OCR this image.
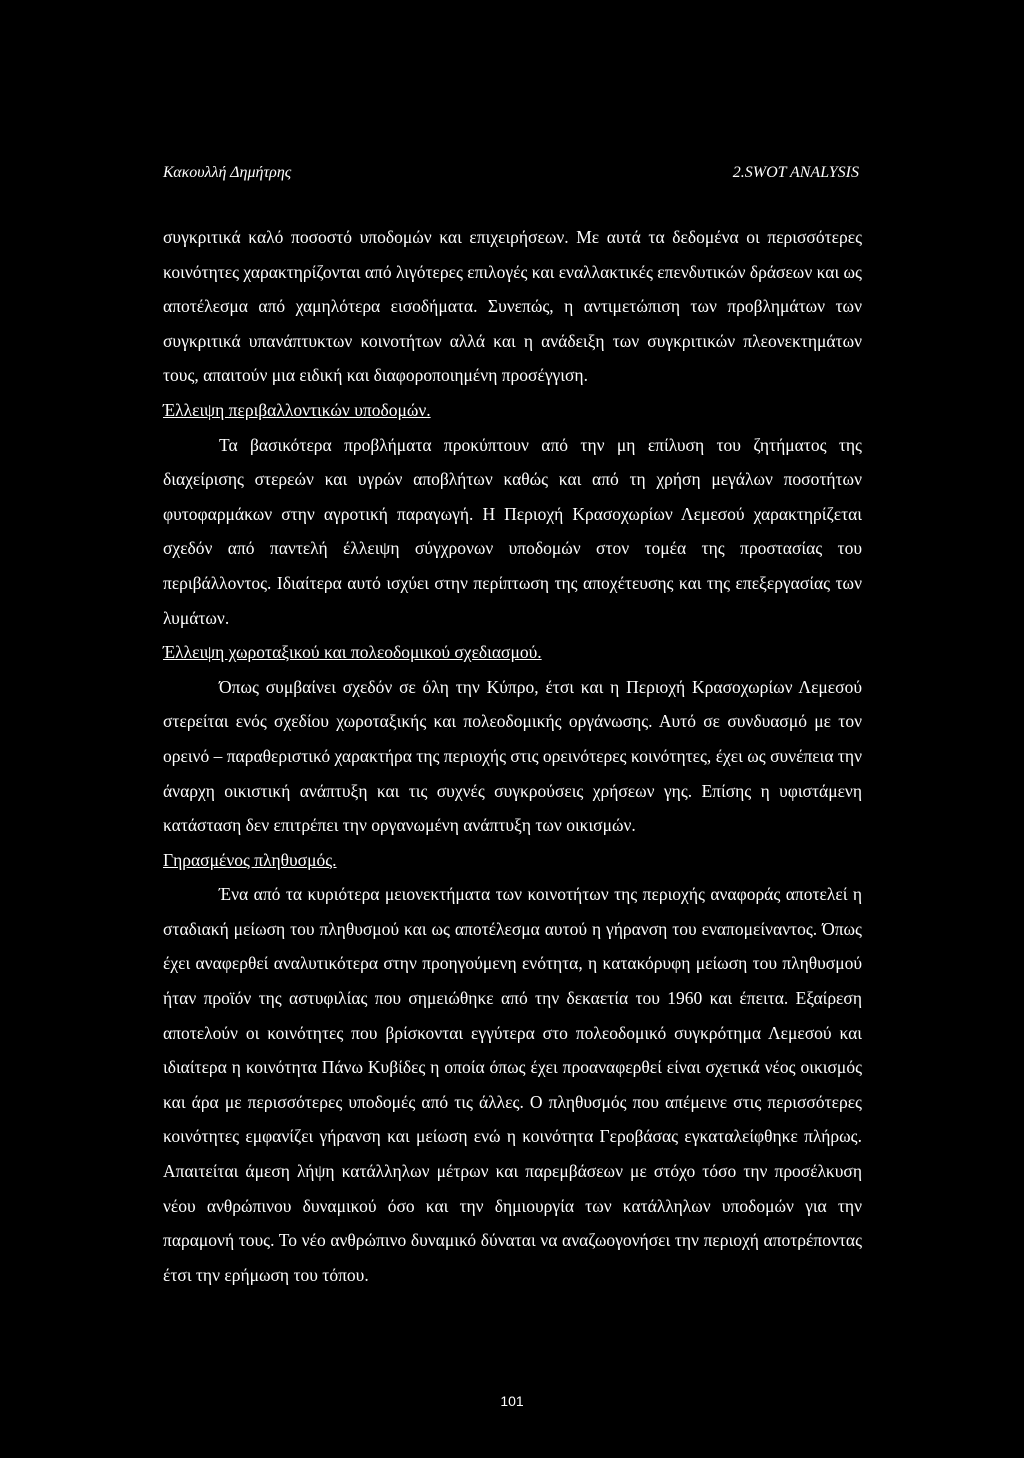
Κακουλλή Δημήτρης	2.SWOT ANALYSIS

συγκριτικά καλό ποσοστό υποδομών και επιχειρήσεων. Με αυτά τα δεδομένα οι περισσότερες κοινότητες χαρακτηρίζονται από λιγότερες επιλογές και εναλλακτικές επενδυτικών δράσεων και ως αποτέλεσμα από χαμηλότερα εισοδήματα. Συνεπώς, η αντιμετώπιση των προβλημάτων των συγκριτικά υπανάπτυκτων κοινοτήτων αλλά και η ανάδειξη των συγκριτικών πλεονεκτημάτων τους, απαιτούν μια ειδική και διαφοροποιημένη προσέγγιση.

Έλλειψη περιβαλλοντικών υποδομών.

Τα βασικότερα προβλήματα προκύπτουν από την μη επίλυση του ζητήματος της διαχείρισης στερεών και υγρών αποβλήτων καθώς και από τη χρήση μεγάλων ποσοτήτων φυτοφαρμάκων στην αγροτική παραγωγή. Η Περιοχή Κρασοχωρίων Λεμεσού χαρακτηρίζεται σχεδόν από παντελή έλλειψη σύγχρονων υποδομών στον τομέα της προστασίας του περιβάλλοντος. Ιδιαίτερα αυτό ισχύει στην περίπτωση της αποχέτευσης και της επεξεργασίας των λυμάτων.

Έλλειψη χωροταξικού και πολεοδομικού σχεδιασμού.

Όπως συμβαίνει σχεδόν σε όλη την Κύπρο, έτσι και η Περιοχή Κρασοχωρίων Λεμεσού στερείται ενός σχεδίου χωροταξικής και πολεοδομικής οργάνωσης. Αυτό σε συνδυασμό με τον ορεινό – παραθεριστικό χαρακτήρα της περιοχής στις ορεινότερες κοινότητες, έχει ως συνέπεια την άναρχη οικιστική ανάπτυξη και τις συχνές συγκρούσεις χρήσεων γης. Επίσης η υφιστάμενη κατάσταση δεν επιτρέπει την οργανωμένη ανάπτυξη των οικισμών.

Γηρασμένος πληθυσμός.

Ένα από τα κυριότερα μειονεκτήματα των κοινοτήτων της περιοχής αναφοράς αποτελεί η σταδιακή μείωση του πληθυσμού και ως αποτέλεσμα αυτού η γήρανση του εναπομείναντος. Όπως έχει αναφερθεί αναλυτικότερα στην προηγούμενη ενότητα, η κατακόρυφη μείωση του πληθυσμού ήταν προϊόν της αστυφιλίας που σημειώθηκε από την δεκαετία του 1960 και έπειτα. Εξαίρεση αποτελούν οι κοινότητες που βρίσκονται εγγύτερα στο πολεοδομικό συγκρότημα Λεμεσού και ιδιαίτερα η κοινότητα Πάνω Κυβίδες η οποία όπως έχει προαναφερθεί είναι σχετικά νέος οικισμός και άρα με περισσότερες υποδομές από τις άλλες. Ο πληθυσμός που απέμεινε στις περισσότερες κοινότητες εμφανίζει γήρανση και μείωση ενώ η κοινότητα Γεροβάσας εγκαταλείφθηκε πλήρως. Απαιτείται άμεση λήψη κατάλληλων μέτρων και παρεμβάσεων με στόχο τόσο την προσέλκυση νέου ανθρώπινου δυναμικού όσο και την δημιουργία των κατάλληλων υποδομών για την παραμονή τους. Το νέο ανθρώπινο δυναμικό δύναται να αναζωογονήσει την περιοχή αποτρέποντας έτσι την ερήμωση του τόπου.

101
